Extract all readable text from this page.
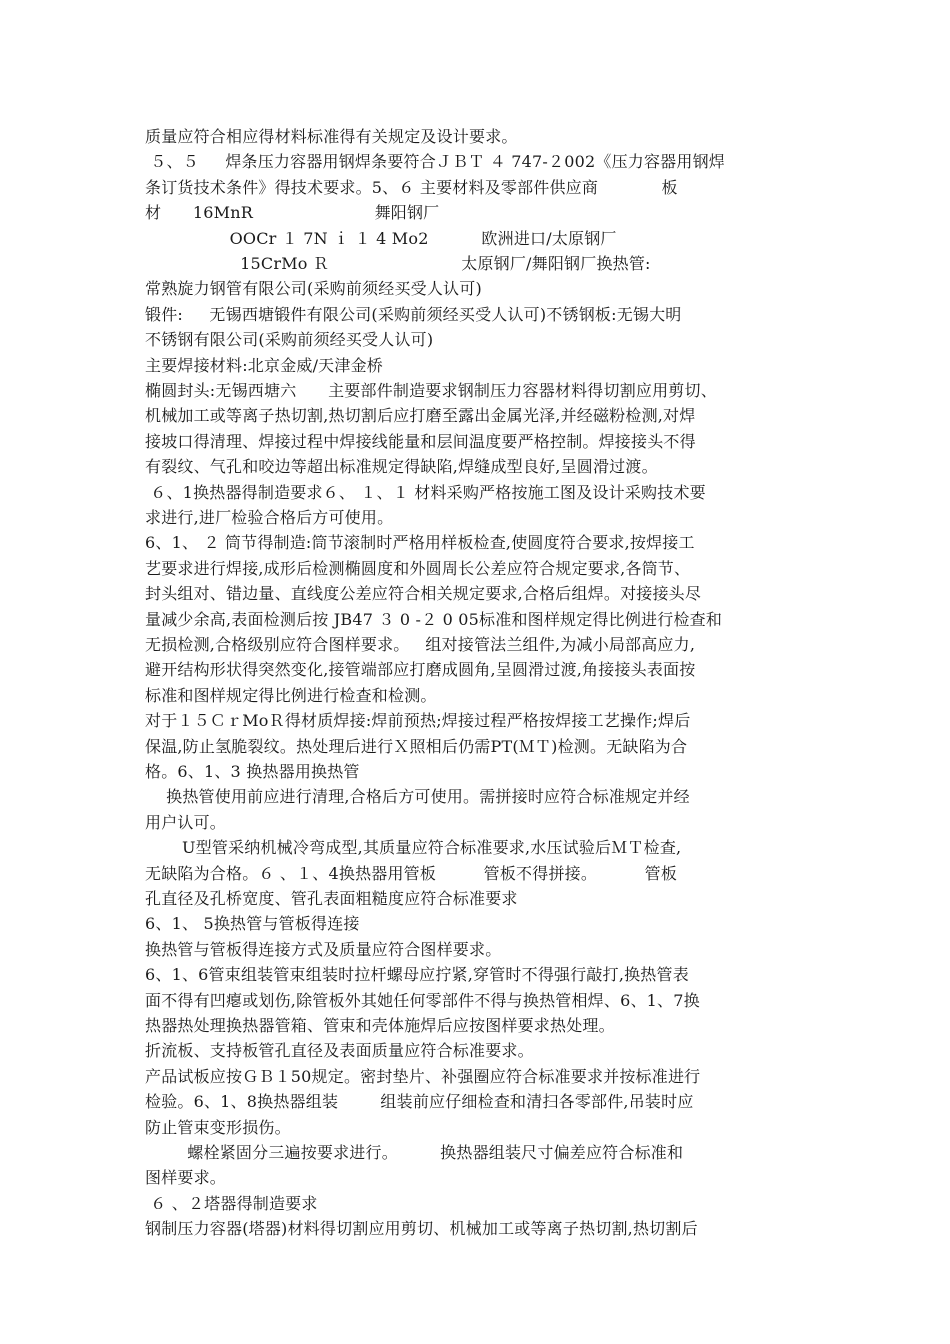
质量应符合相应得材料标准得有关规定及设计要求。
５、５     焊条压力容器用钢焊条要符合ＪＢＴ ４ 747-２002《压力容器用钢焊
条订货技术条件》得技术要求。5、６ 主要材料及零部件供应商            板
材      16MnR                       舞阳钢厂
OOCr １ 7N ｉ １ 4 Mo2          欧洲进口/太原钢厂
15CrMo Ｒ                         太原钢厂/舞阳钢厂换热管:
常熟旋力钢管有限公司(采购前须经买受人认可)
锻件:     无锡西塘锻件有限公司(采购前须经买受人认可)不锈钢板:无锡大明
不锈钢有限公司(采购前须经买受人认可)
主要焊接材料:北京金威/天津金桥
椭圆封头:无锡西塘六      主要部件制造要求钢制压力容器材料得切割应用剪切、
机械加工或等离子热切割,热切割后应打磨至露出金属光泽,并经磁粉检测,对焊
接坡口得清理、焊接过程中焊接线能量和层间温度要严格控制。焊接接头不得
有裂纹、气孔和咬边等超出标准规定得缺陷,焊缝成型良好,呈圆滑过渡。
６、1换热器得制造要求６、 １、１ 材料采购严格按施工图及设计采购技术要
求进行,进厂检验合格后方可使用。
6、1、 ２ 筒节得制造:筒节滚制时严格用样板检查,使圆度符合要求,按焊接工
艺要求进行焊接,成形后检测椭圆度和外圆周长公差应符合规定要求,各筒节、
封头组对、错边量、直线度公差应符合相关规定要求,合格后组焊。对接接头尽
量减少余高,表面检测后按 JB47 ３ 0 -２ 0 05标准和图样规定得比例进行检查和
无损检测,合格级别应符合图样要求。   组对接管法兰组件,为减小局部高应力,
避开结构形状得突然变化,接管端部应打磨成圆角,呈圆滑过渡,角接接头表面按
标准和图样规定得比例进行检查和检测。
对于１５ＣｒMoＲ得材质焊接:焊前预热;焊接过程严格按焊接工艺操作;焊后
保温,防止氢脆裂纹。热处理后进行Ｘ照相后仍需PT(ＭＴ)检测。无缺陷为合
格。6、1、3 换热器用换热管
换热管使用前应进行清理,合格后方可使用。需拼接时应符合标准规定并经
用户认可。
U型管采纳机械冷弯成型,其质量应符合标准要求,水压试验后ＭＴ检查,
无缺陷为合格。６ 、１、4换热器用管板         管板不得拼接。         管板
孔直径及孔桥宽度、管孔表面粗糙度应符合标准要求
6、1、 5换热管与管板得连接
换热管与管板得连接方式及质量应符合图样要求。
6、1、6管束组装管束组装时拉杆螺母应拧紧,穿管时不得强行敲打,换热管表
面不得有凹瘪或划伤,除管板外其她任何零部件不得与换热管相焊、6、1、7换
热器热处理换热器管箱、管束和壳体施焊后应按图样要求热处理。
折流板、支持板管孔直径及表面质量应符合标准要求。
产品试板应按ＧＢ１50规定。密封垫片、补强圈应符合标准要求并按标准进行
检验。6、1、8换热器组装        组装前应仔细检查和清扫各零部件,吊装时应
防止管束变形损伤。
螺栓紧固分三遍按要求进行。        换热器组装尺寸偏差应符合标准和
图样要求。
６ 、２塔器得制造要求
钢制压力容器(塔器)材料得切割应用剪切、机械加工或等离子热切割,热切割后
